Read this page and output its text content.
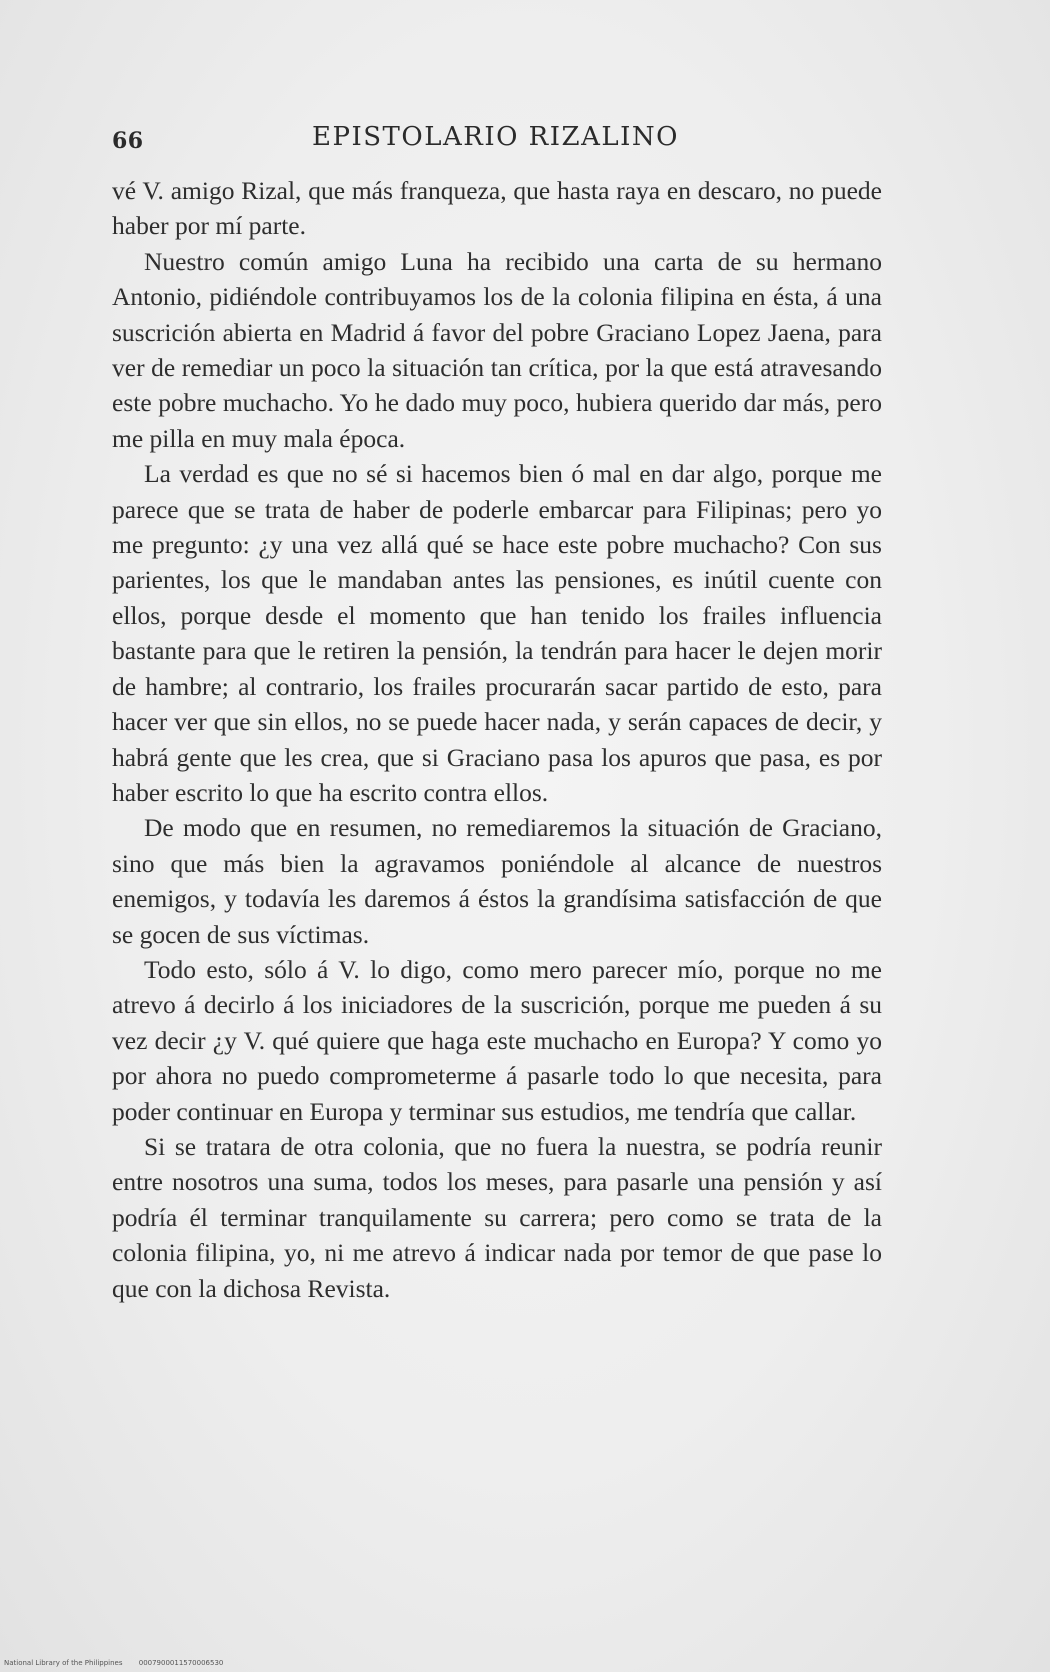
66	EPISTOLARIO RIZALINO

vé V. amigo Rizal, que más franqueza, que hasta raya en descaro, no puede haber por mí parte.

Nuestro común amigo Luna ha recibido una carta de su hermano Antonio, pidiéndole contribuyamos los de la colonia filipina en ésta, á una suscrición abierta en Madrid á favor del pobre Graciano Lopez Jaena, para ver de remediar un poco la situación tan crítica, por la que está atravesando este pobre muchacho. Yo he dado muy poco, hubiera querido dar más, pero me pilla en muy mala época.

La verdad es que no sé si hacemos bien ó mal en dar algo, porque me parece que se trata de haber de poderle embarcar para Filipinas; pero yo me pregunto: ¿y una vez allá qué se hace este pobre muchacho? Con sus parientes, los que le mandaban antes las pensiones, es inútil cuente con ellos, porque desde el momento que han tenido los frailes influencia bastante para que le retiren la pensión, la tendrán para hacer le dejen morir de hambre; al contrario, los frailes procurarán sacar partido de esto, para hacer ver que sin ellos, no se puede hacer nada, y serán capaces de decir, y habrá gente que les crea, que si Graciano pasa los apuros que pasa, es por haber escrito lo que ha escrito contra ellos.

De modo que en resumen, no remediaremos la situación de Graciano, sino que más bien la agravamos poniéndole al alcance de nuestros enemigos, y todavía les daremos á éstos la grandísima satisfacción de que se gocen de sus víctimas.

Todo esto, sólo á V. lo digo, como mero parecer mío, porque no me atrevo á decirlo á los iniciadores de la suscrición, porque me pueden á su vez decir ¿y V. qué quiere que haga este muchacho en Europa? Y como yo por ahora no puedo comprometerme á pasarle todo lo que necesita, para poder continuar en Europa y terminar sus estudios, me tendría que callar.

Si se tratara de otra colonia, que no fuera la nuestra, se podría reunir entre nosotros una suma, todos los meses, para pasarle una pensión y así podría él terminar tranquilamente su carrera; pero como se trata de la colonia filipina, yo, ni me atrevo á indicar nada por temor de que pase lo que con la dichosa Revista.

National Library of the Philippines 0007900011570006530
